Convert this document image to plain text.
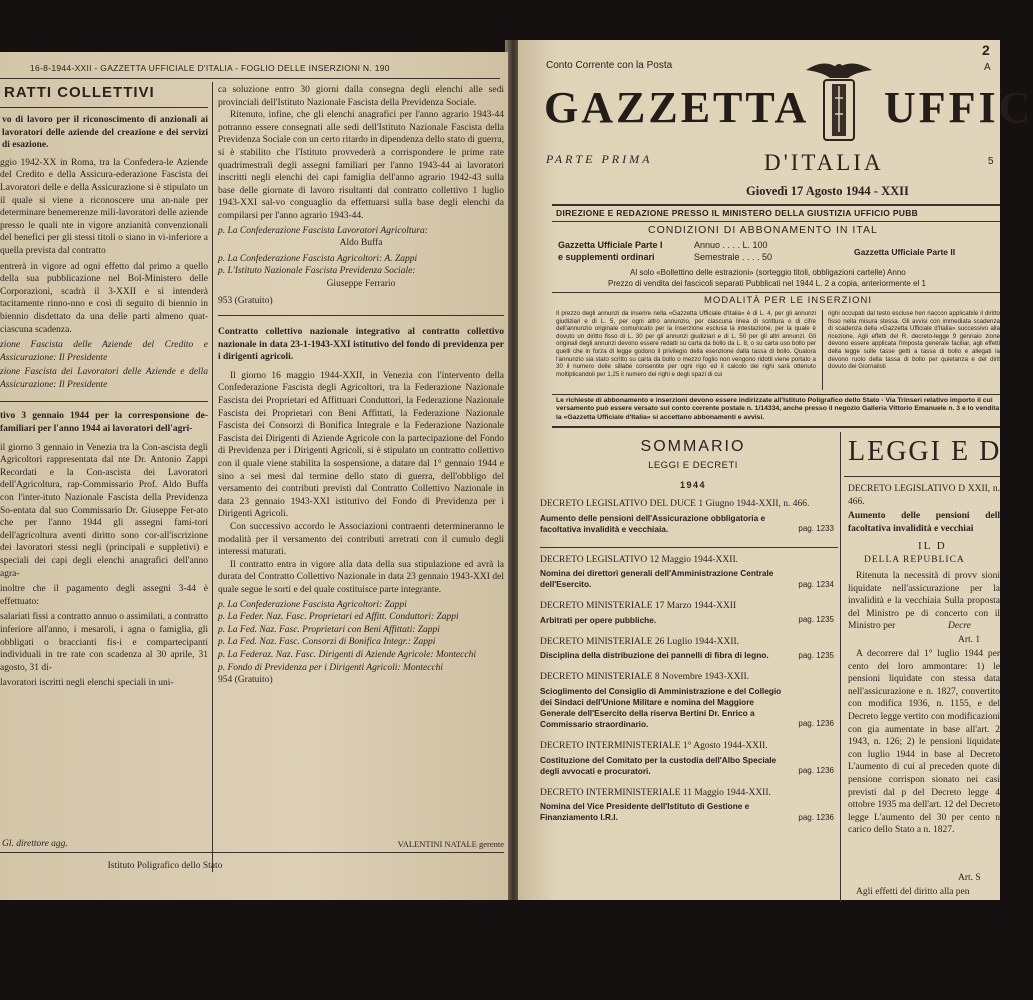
16-8-1944-XXII - GAZZETTA UFFICIALE D'ITALIA - FOGLIO DELLE INSERZIONI N. 190
RATTI COLLETTIVI
vo di lavoro per il riconoscimento di anzionali ai lavoratori delle aziende del creazione e dei servizi di esazione.
ggio 1942-XX in Roma, tra la Confedera-le Aziende del Credito e della Assicura-ederazione Fascista dei Lavoratori delle e della Assicurazione si è stipulato un il quale si viene a riconoscere una an-nale per determinare benemerenze mili-lavoratori delle aziende presso le quali nte in vigore anzianità convenzionali del benefici per gli stessi titoli o siano in vi-inferiore a quella prevista dal contratto
entrerà in vigore ad ogni effetto dal primo a quello della sua pubblicazione nel Bol-Ministero delle Corporazioni, scadrà il 3-XXII e si intenderà tacitamente rinno-nno e così di seguito di biennio in biennio disdettato da una delle parti almeno quat-ciascuna scadenza.
zione Fascista delle Aziende del Credito e Assicurazione: Il Presidente
zione Fascista dei Lavoratori delle Aziende e della Assicurazione: Il Presidente
tivo 3 gennaio 1944 per la corresponsione de-familiari per l'anno 1944 ai lavoratori dell'agri-
il giorno 3 gennaio in Venezia tra la Con-ascista degli Agricoltori rappresentata dal nte Dr. Antonio Zappi Recordati e la Con-ascista dei Lavoratori dell'Agricoltura, rap-Commissario Prof. Aldo Buffa con l'inter-ituto Nazionale Fascista della Previdenza So-entata dal suo Commissario Dr. Giuseppe Fer-ato che per l'anno 1944 gli assegni fami-tori dell'agricoltura aventi diritto sono cor-all'iscrizione dei lavoratori stessi negli (principali e suppletivi) e speciali dei capi degli elenchi anagrafici dell'anno agra-
inoltre che il pagamento degli assegni 3-44 è effettuato:
salariati fissi a contratto annuo o assimilati, a contratto inferiore all'anno, i mesaroli, i agna o famiglia, gli obbligati o braccianti fis-i e compartecipanti individuali in tre rate con scadenza al 30 aprile, 31 agosto, 31 di-
lavoratori iscritti negli elenchi speciali in uni-
Gl. direttore agg.
ca soluzione entro 30 giorni dalla consegna degli elenchi alle sedi provinciali dell'Istituto Nazionale Fascista della Previdenza Sociale.
Ritenuto, infine, che gli elenchi anagrafici per l'anno agrario 1943-44 potranno essere consegnati alle sedi dell'Istituto Nazionale Fascista della Previdenza Sociale con un certo ritardo in dipendenza dello stato di guerra, si è stabilito che l'Istituto provvederà a corrispondere le prime rate quadrimestrali degli assegni familiari per l'anno 1943-44 ai lavoratori inscritti negli elenchi dei capi famiglia dell'anno agrario 1942-43 sulla base delle giornate di lavoro risultanti dal contratto collettivo 1 luglio 1943-XXI sal-vo conguaglio da effettuarsi sulla base degli elenchi da compilarsi per l'anno agrario 1943-44.
p. La Confederazione Fascista Lavoratori Agricoltura:
Aldo Buffa
p. La Confederazione Fascista Agricoltori: A. Zappi
p. L'Istituto Nazionale Fascista Previdenza Sociale:
Giuseppe Ferrario
953 (Gratuito)
Contratto collettivo nazionale integrativo al contratto collettivo nazionale in data 23-1-1943-XXI istitutivo del fondo di previdenza per i dirigenti agricoli.
Il giorno 16 maggio 1944-XXII, in Venezia con l'intervento della Confederazione Fascista degli Agricoltori, tra la Federazione Nazionale Fascista dei Proprietari ed Affittuari Conduttori, la Federazione Nazionale Fascista dei Proprietari con Beni Affittati, la Federazione Nazionale Fascista dei Consorzi di Bonifica Integrale e la Federazione Nazionale Fascista dei Dirigenti di Aziende Agricole con la partecipazione del Fondo di Previdenza per i Dirigenti Agricoli, si è stipulato un contratto collettivo con il quale viene stabilita la sospensione, a datare dal 1° gennaio 1944 e sino a sei mesi dal termine dello stato di guerra, dell'obbligo del versamento dei contributi previsti dal Contratto Collettivo Nazionale in data 23 gennaio 1943-XXI istitutivo del Fondo di Previdenza per i Dirigenti Agricoli.
Con successivo accordo le Associazioni contraenti determineranno le modalità per il versamento dei contributi arretrati con il cumulo degli interessi maturati.
Il contratto entra in vigore alla data della sua stipulazione ed avrà la durata del Contratto Collettivo Nazionale in data 23 gennaio 1943-XXI del quale segue le sorti e del quale costituisce parte integrante.
p. La Confederazione Fascista Agricoltori: Zappi
p. La Feder. Naz. Fasc. Proprietari ed Affitt. Conduttori: Zappi
p. La Fed. Naz. Fasc. Proprietari con Beni Affittati: Zappi
p. La Fed. Naz. Fasc. Consorzi di Bonifica Integr.: Zappi
p. La Federaz. Naz. Fasc. Dirigenti di Aziende Agricole: Montecchi
p. Fondo di Previdenza per i Dirigenti Agricoli: Montecchi
954 (Gratuito)
VALENTINI NATALE gerente
Istituto Poligrafico dello Stato
Conto Corrente con la Posta
2
A
GAZZETTA UFFIC
PARTE PRIMA	D'ITALIA	5
Giovedì 17 Agosto 1944 - XXII
DIREZIONE E REDAZIONE PRESSO IL MINISTERO DELLA GIUSTIZIA UFFICIO PUBB
CONDIZIONI DI ABBONAMENTO IN ITAL
Gazzetta Ufficiale Parte I
e supplementi ordinari
Annuo . . . . L. 100
Semestrale . . . . 50	Gazzetta Ufficiale Parte II
Al solo «Bollettino delle estrazioni» (sorteggio titoli, obbligazioni cartelle) Anno
Prezzo di vendita dei fascicoli separati Pubblicati nel 1944 L. 2 a copia, anteriormente el 1
MODALITÀ PER LE INSERZIONI
Il prezzo degli annunzi da inserire nella «Gazzetta Ufficiale d'Italia» è di L. 4, per gli annunzi giudiziari e di L. 5, per ogni altro annunzio, per ciascuna linea di scrittura o di cifre dell'annunzio originale comunicato per la inserzione esclusa la intestazione, per la quale è dovuto un diritto fisso di L. 30 per gli annunzi giudiziari e di L. 50 per gli altri annunzi. Gli originali degli annunzi devono essere redatti su carta da bollo da L. 8, o su carta uso bollo per quelli che in forza di legge godono il privilegio della esenzione dalla tassa di bollo. Qualora l'annunzio sia stato scritto su carta da bollo o mezzo foglio non vengono ridotti viene portato a 30 il numero delle sillabe consentite per ogni rigo ed il calcolo dei righi sarà ottenuto moltiplicandoli per 1,25 il numero dei righi e degli spazi di cui
righi occupati dal testo escluse hen riaccon applicabile il diritto fisso nella misura stessa. Gli avvisi con immediata scadenza di scadenza della «Gazzetta Ufficiale d'Italia» successivo alla ricezione. Agli effetti del R. decreto-legge 9 gennaio zione devono essere applicata l'imposta generale faciliar, agli effetti della legge sulle tasse getti a tassa di bollo e allegati la devono ruolo della tassa di bollo per quietanza e del dirit dovuto dei Giornalisti
Le richieste di abbonamento e inserzioni devono essere indirizzate all'Istituto Poligrafico dello Stato - Via Trinseri relativo importo il cui versamento può essere versato sul conto corrente postale n. 1/14334, anche presso il negozio Galleria Vittorio Emanuele n. 3 e lo vendita la «Gazzetta Ufficiale d'Italia» si accettano abbonamenti e avvisi.
SOMMARIO
LEGGI E DECRETI
1944
DECRETO LEGISLATIVO DEL DUCE 1 Giugno 1944-XXII, n. 466.
Aumento delle pensioni dell'Assicurazione obbligatoria e facoltativa invalidità e vecchiaia.	pag. 1233
DECRETO LEGISLATIVO 12 Maggio 1944-XXII.
Nomina dei direttori generali dell'Amministrazione Centrale dell'Esercito.	pag. 1234
DECRETO MINISTERIALE 17 Marzo 1944-XXII
Arbitrati per opere pubbliche.	pag. 1235
DECRETO MINISTERIALE 26 Luglio 1944-XXII.
Disciplina della distribuzione dei pannelli di fibra di legno.	pag. 1235
DECRETO MINISTERIALE 8 Novembre 1943-XXII.
Scioglimento del Consiglio di Amministrazione e del Collegio dei Sindaci dell'Unione Militare e nomina del Maggiore Generale dell'Esercito della riserva Bertini Dr. Enrico a Commissario straordinario.	pag. 1236
DECRETO INTERMINISTERIALE 1° Agosto 1944-XXII.
Costituzione del Comitato per la custodia dell'Albo Speciale degli avvocati e procuratori.	pag. 1236
DECRETO INTERMINISTERIALE 11 Maggio 1944-XXII.
Nomina del Vice Presidente dell'Istituto di Gestione e Finanziamento I.R.I.	pag. 1236
LEGGI E D
DECRETO LEGISLATIVO D XXII, n. 466.
Aumento delle pensioni dell facoltativa invalidità e vecchiai
IL D
DELLA REPUBLICA
Ritenuta la necessità di provv sioni liquidate nell'assicurazione per la invalidità e la vecchiaia Sulla proposta del Ministro pe di concerto con il Ministro per	Decre
Art. 1
A decorrere dal 1° luglio 1944 per cento del loro ammontare: 1) le pensioni liquidate con stessa data nell'assicurazione e n. 1827, convertito con modifica 1936, n. 1155, e del Decreto legge vertito con modificazioni con gia aumentate in base all'art. 2 1943, n. 126; 2) le pensioni liquidate con luglio 1944 in base al Decreto L'aumento di cui al preceden quote di pensione corrispon sionato nei casi previsti dal p del Decreto legge 4 ottobre 1935 ma dell'art. 12 del Decreto legge L'aumento del 30 per cento n carico dello Stato a n. 1827.
Art. S
Agli effetti del diritto alla pen
